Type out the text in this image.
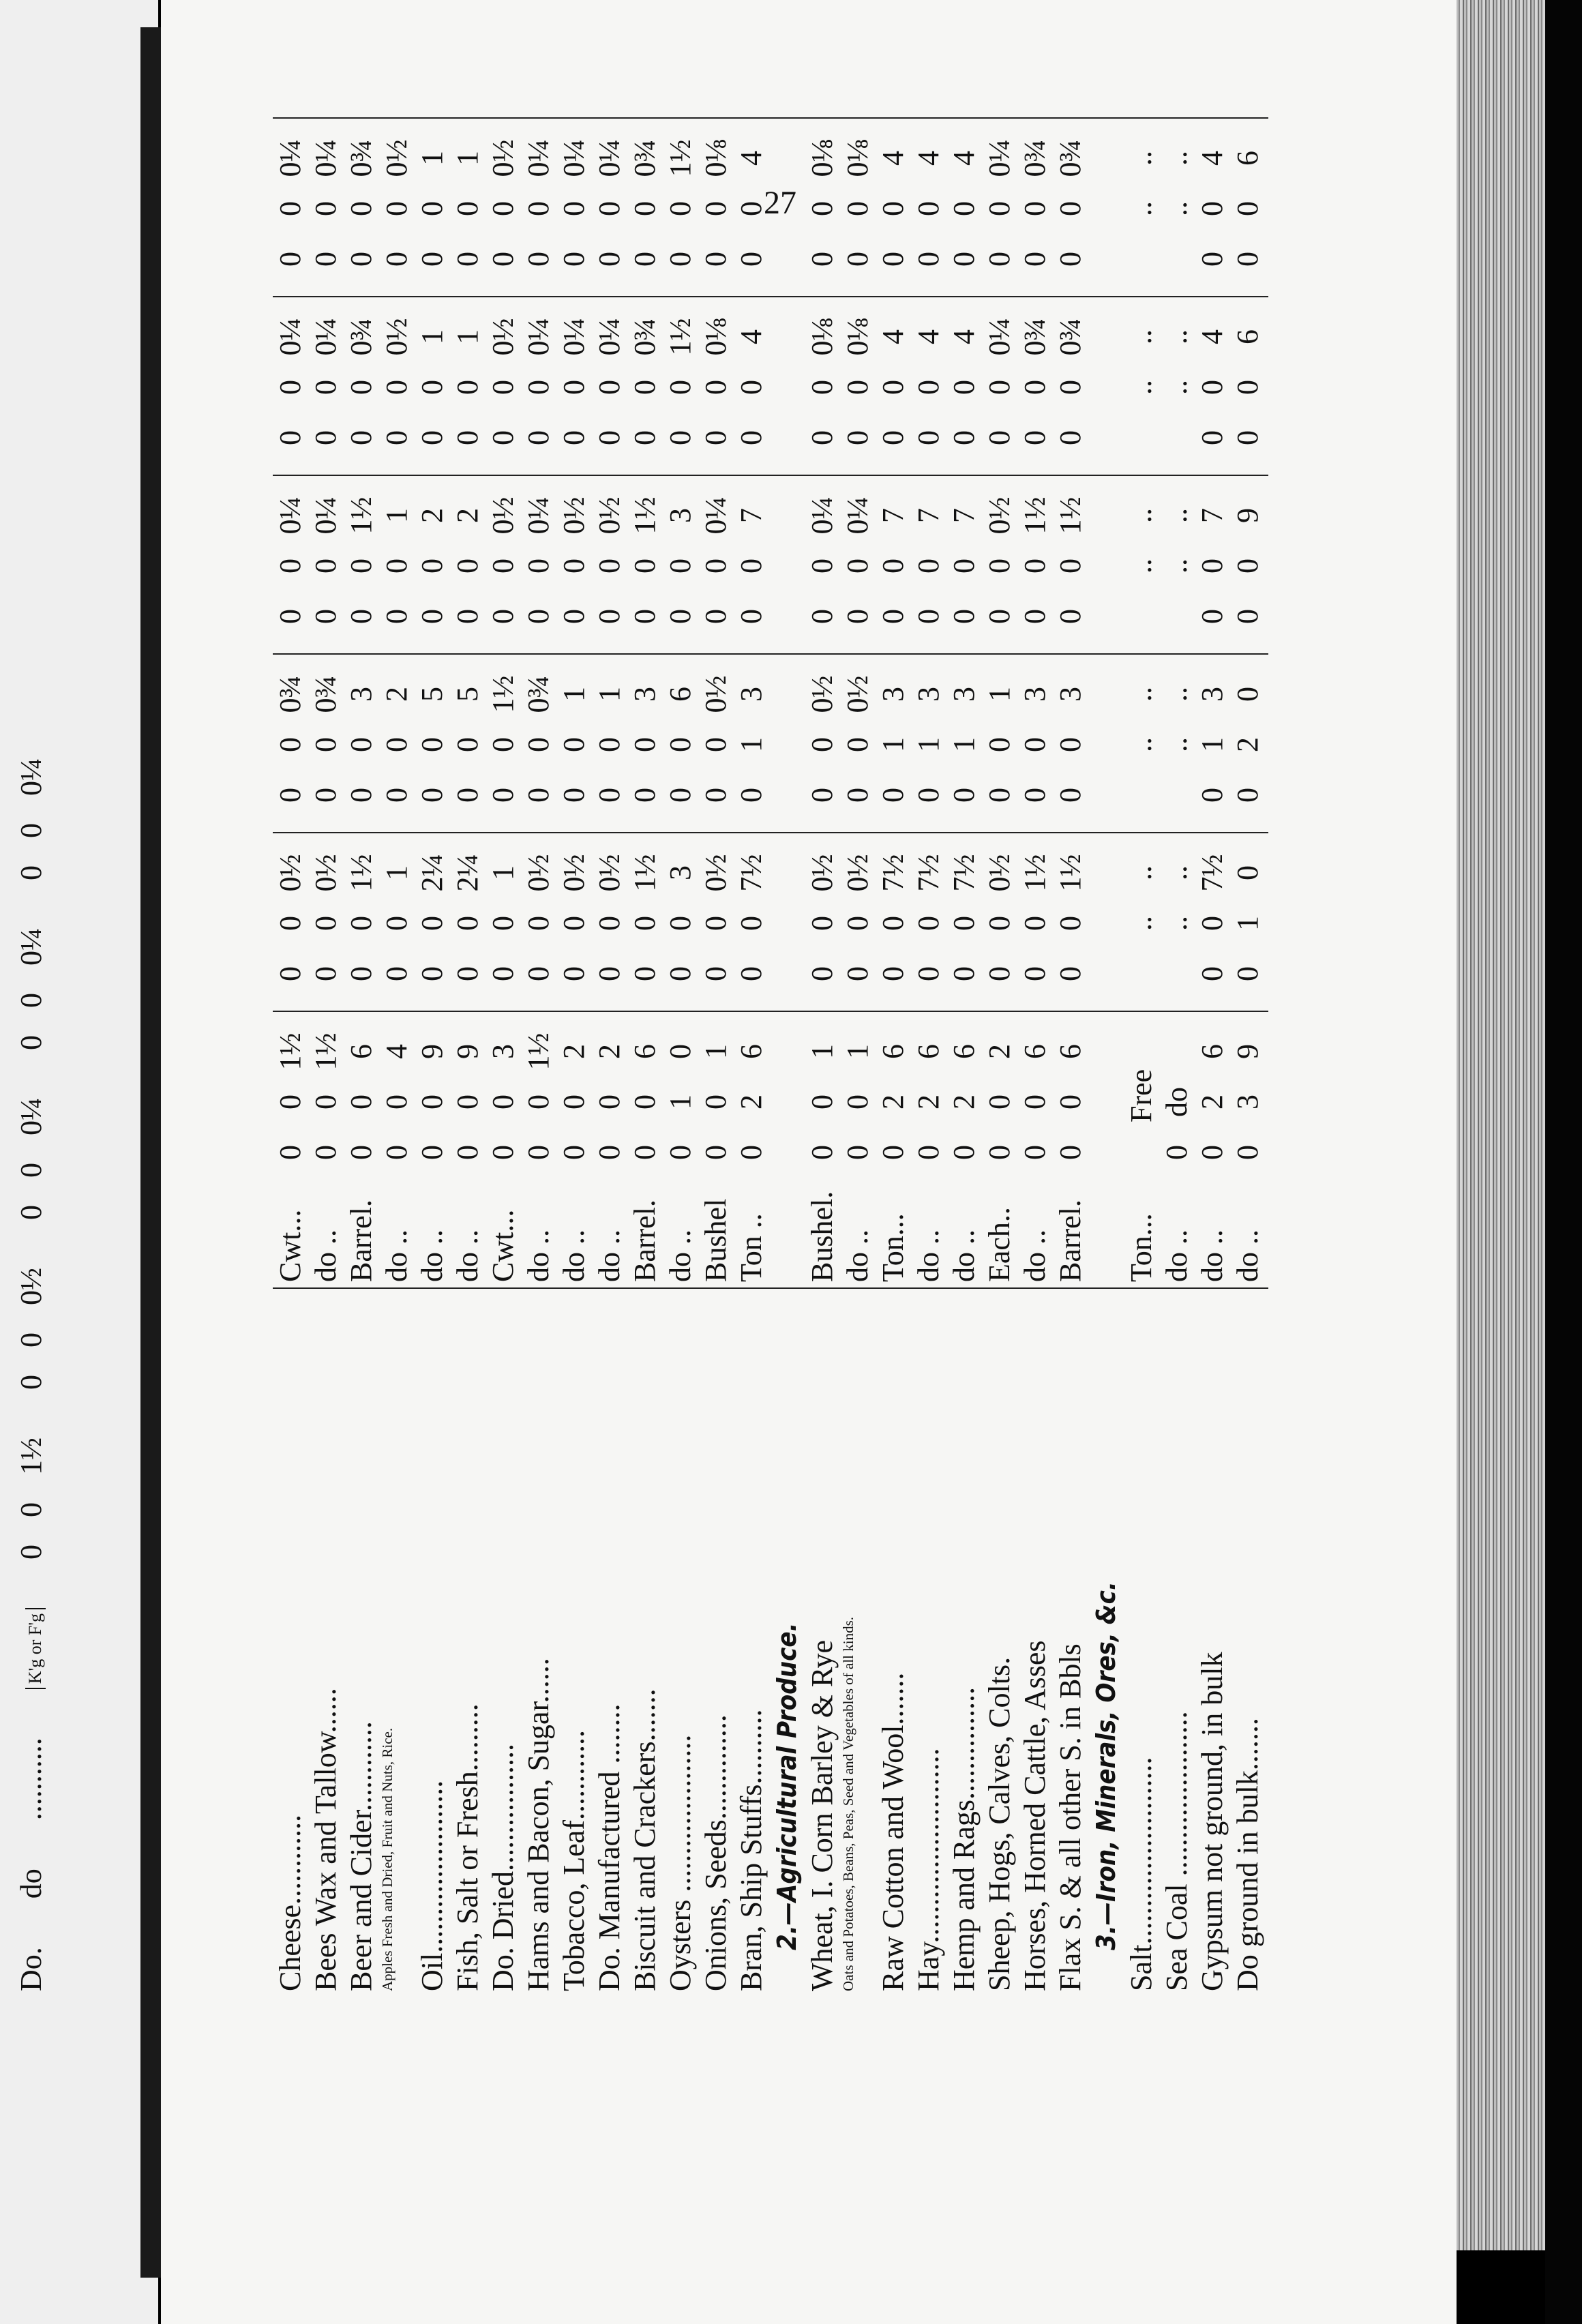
Do. do ........... K'g or F'g 001½000½000¼000¼000¼
27
Cheese............
Cwt...
0
0
1½
0
0
0½
0
0
0¾
0
0
0¼
0
0
0¼
0
0
0¼
Bees Wax and Tallow......
do ..
0
0
1½
0
0
0½
0
0
0¾
0
0
0¼
0
0
0¼
0
0
0¼
Beer and Cider............
Barrel.
0
0
6
0
0
1½
0
0
3
0
0
1½
0
0
0¾
0
0
0¾
Apples Fresh and Dried, Fruit and Nuts, Rice.
do ..
0
0
4
0
0
1
0
0
2
0
0
1
0
0
0½
0
0
0½
Oil.......................
do ..
0
0
9
0
0
2¼
0
0
5
0
0
2
0
0
1
0
0
1
Fish, Salt or Fresh.........
do ..
0
0
9
0
0
2¼
0
0
5
0
0
2
0
0
1
0
0
1
Do. Dried.................
Cwt...
0
0
3
0
0
1
0
0
1½
0
0
0½
0
0
0½
0
0
0½
Hams and Bacon, Sugar......
do ..
0
0
1½
0
0
0½
0
0
0¾
0
0
0¼
0
0
0¼
0
0
0¼
Tobacco, Leaf............
do ..
0
0
2
0
0
0½
0
0
1
0
0
0½
0
0
0¼
0
0
0¼
Do. Manufactured ........
do ..
0
0
2
0
0
0½
0
0
1
0
0
0½
0
0
0¼
0
0
0¼
Biscuit and Crackers.......
Barrel.
0
0
6
0
0
1½
0
0
3
0
0
1½
0
0
0¾
0
0
0¾
Oysters .....................
do ..
0
1
0
0
0
3
0
0
6
0
0
3
0
0
1½
0
0
1½
Onions, Seeds..............
Bushel
0
0
1
0
0
0½
0
0
0½
0
0
0¼
0
0
0⅛
0
0
0⅛
Bran, Ship Stuffs..........
Ton ..
0
2
6
0
0
7½
0
1
3
0
0
7
0
0
4
0
0
4
2.—Agricultural Produce. Wheat, I. Corn Barley & Rye
Bushel.
0
0
1
0
0
0½
0
0
0½
0
0
0¼
0
0
0⅛
0
0
0⅛
Oats and Potatoes, Beans, Peas, Seed and Vegetables of all kinds.
do ..
0
0
1
0
0
0½
0
0
0½
0
0
0¼
0
0
0⅛
0
0
0⅛
Raw Cotton and Wool.......
Ton...
0
2
6
0
0
7½
0
1
3
0
0
7
0
0
4
0
0
4
Hay..........................
do ..
0
2
6
0
0
7½
0
1
3
0
0
7
0
0
4
0
0
4
Hemp and Rags...............
do ..
0
2
6
0
0
7½
0
1
3
0
0
7
0
0
4
0
0
4
Sheep, Hogs, Calves, Colts.
Each..
0
0
2
0
0
0½
0
0
1
0
0
0½
0
0
0¼
0
0
0¼
Horses, Horned Cattle, Asses
do ..
0
0
6
0
0
1½
0
0
3
0
0
1½
0
0
0¾
0
0
0¾
Flax S. & all other S. in Bbls
Barrel.
0
0
6
0
0
1½
0
0
3
0
0
1½
0
0
0¾
0
0
0¾
3.—Iron, Minerals, Ores, &c. Salt.........................
Ton...
Free
..
..
..
..
..
..
..
..
..
..
Sea Coal ......................
do ..
0
do
..
..
..
..
..
..
..
..
..
..
Gypsum not ground, in bulk
do ..
0
2
6
0
0
7½
0
1
3
0
0
7
0
0
4
0
0
4
Do ground in bulk.......
do ..
0
3
9
0
1
0
0
2
0
0
0
9
0
0
6
0
0
6
